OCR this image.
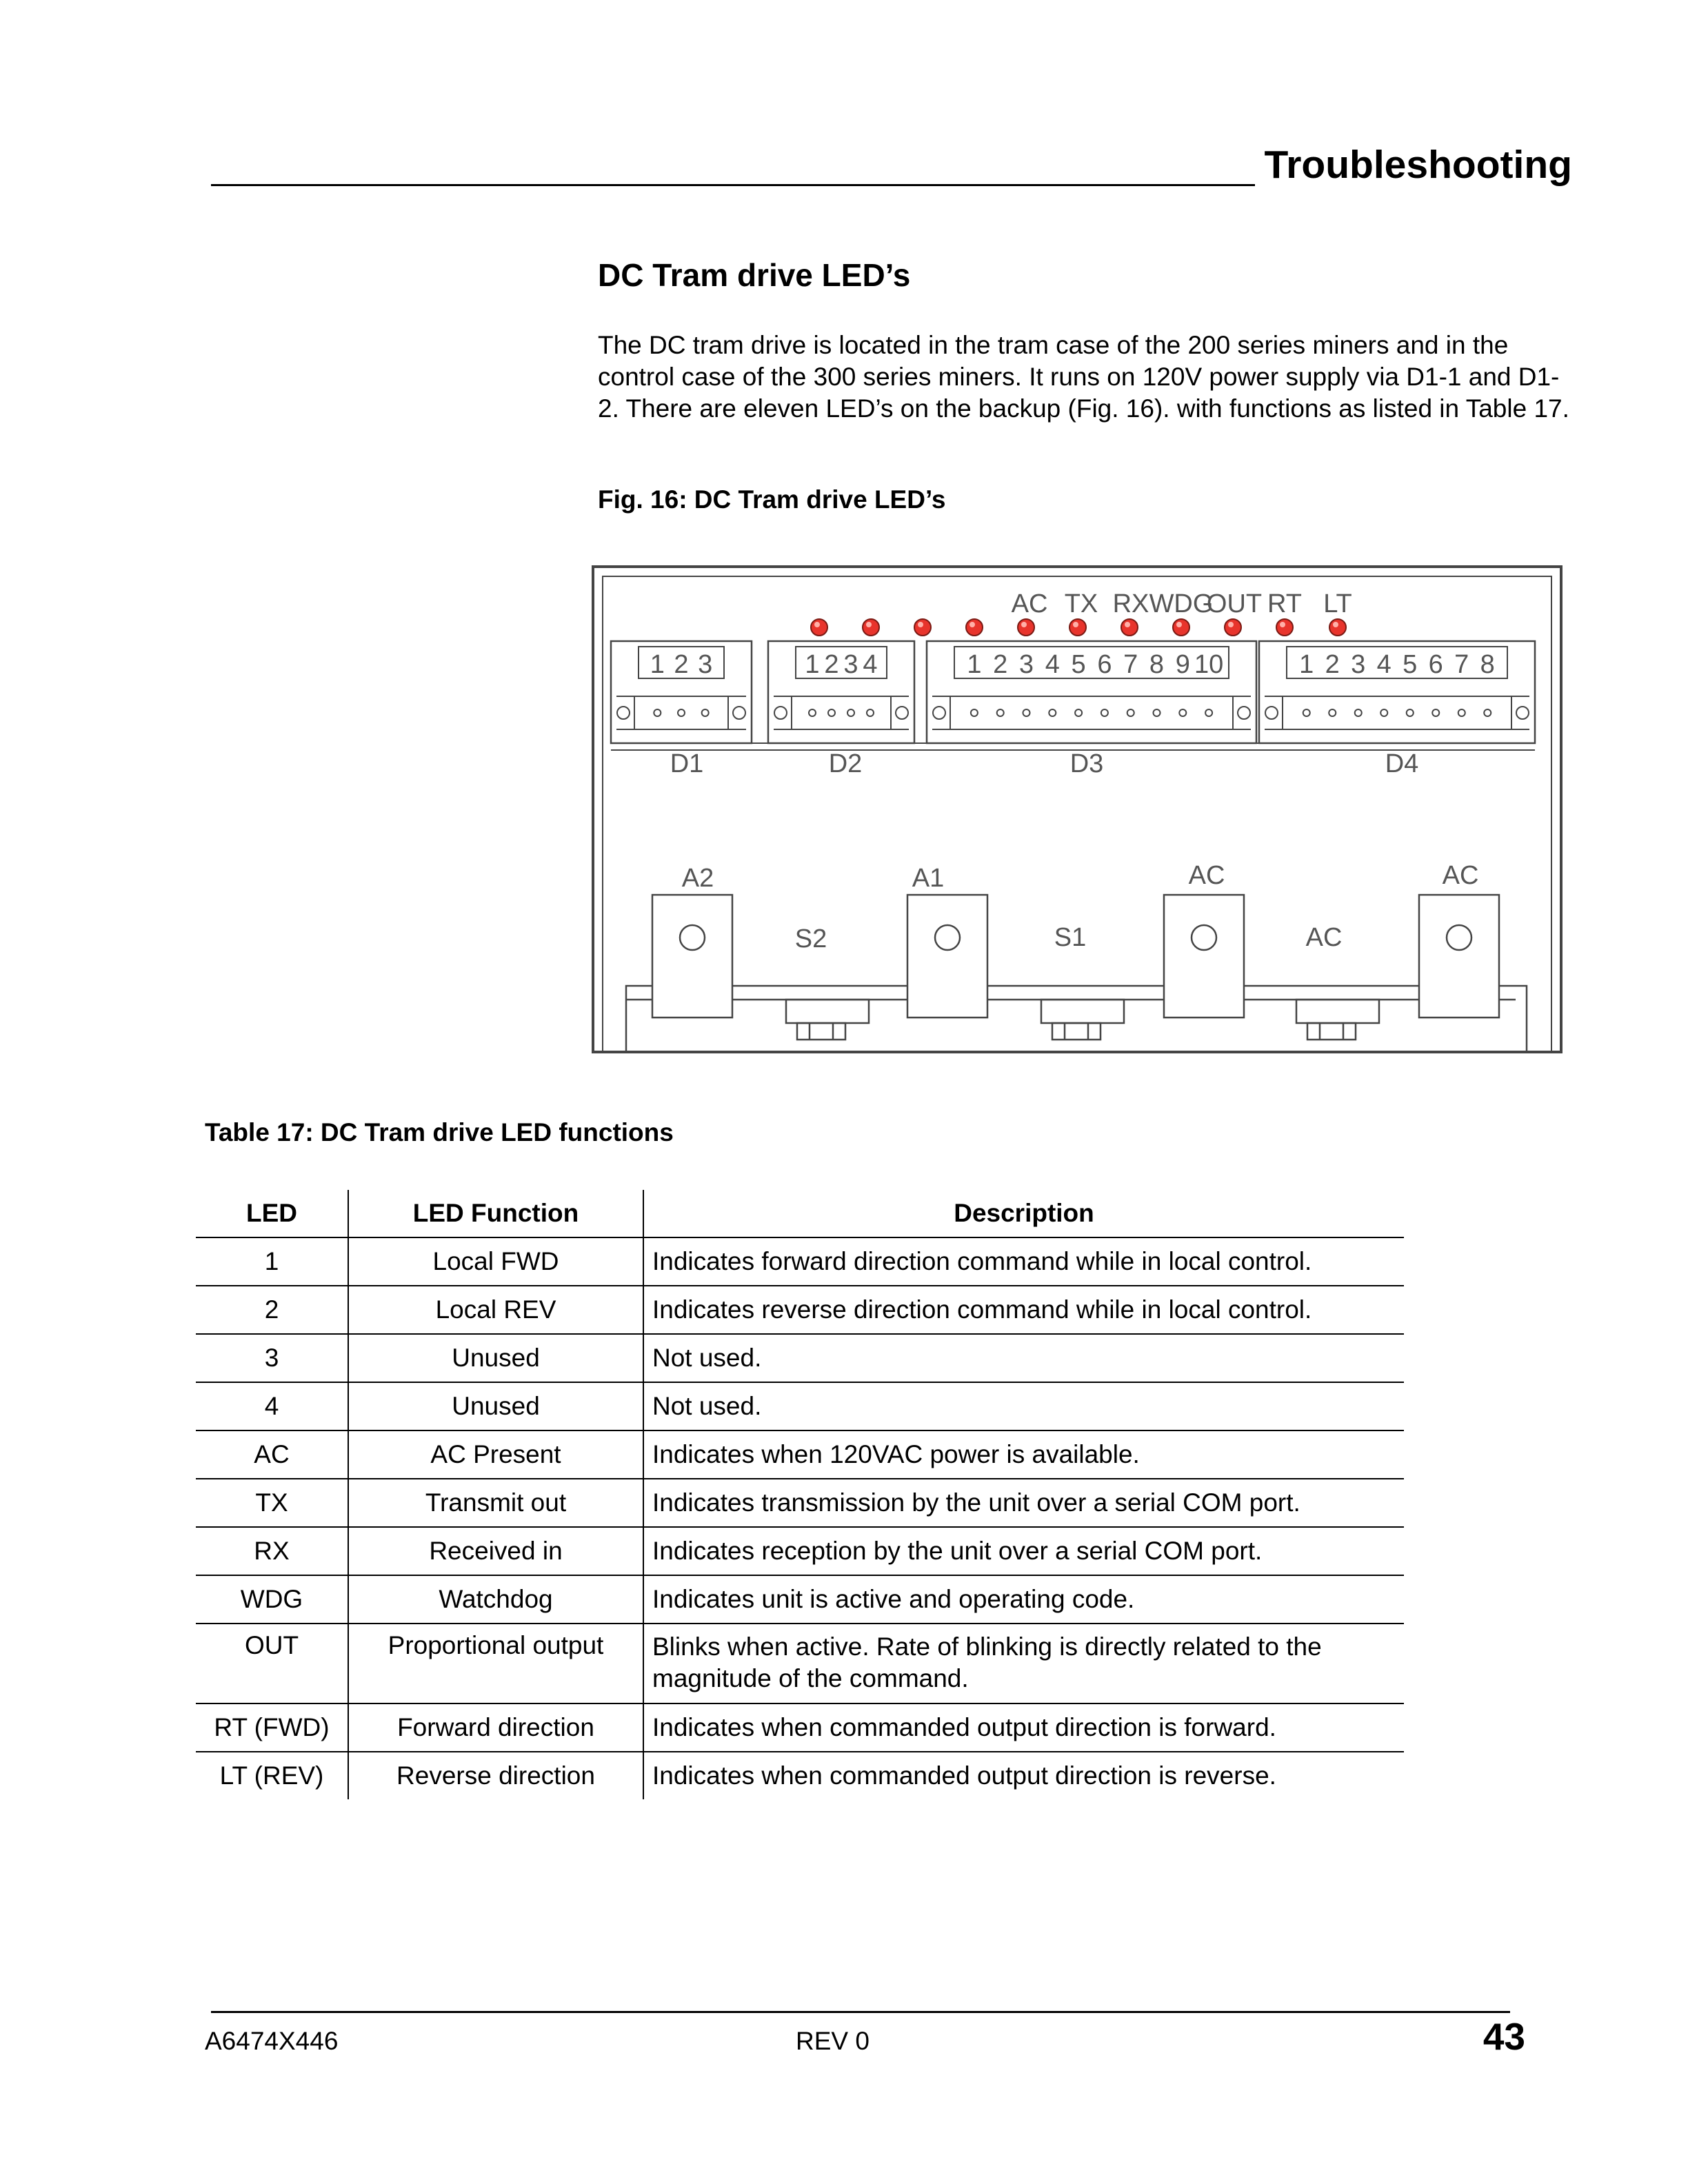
Troubleshooting
DC Tram drive LED’s
The DC tram drive is located in the tram case of the 200 series miners and in the control case of the 300 series miners. It runs on 120V power supply via D1-1 and D1-2. There are eleven LED’s on the backup (Fig. 16). with functions as listed in Table 17.
Fig. 16: DC Tram drive LED’s
AC TX RX WDG
OUT RT LT
1 2 3	1 2 3 4	1 2 3 4 5 6 7 8 9 10	1 2 3 4 5 6 7 8
D1	D2	D3	D4
A2
S2
A1
S1
AC
AC
AC
Table 17: DC Tram drive LED functions
LED	LED Function	Description
1	Local FWD	Indicates forward direction command while in local control.
2	Local REV	Indicates reverse direction command while in local control.
3	Unused	Not used.
4	Unused	Not used.
AC	AC Present	Indicates when 120VAC power is available.
TX	Transmit out	Indicates transmission by the unit over a serial COM port.
RX	Received in	Indicates reception by the unit over a serial COM port.
WDG	Watchdog	Indicates unit is active and operating code.
OUT	Proportional output	Blinks when active. Rate of blinking is directly related to the magnitude of the command.
RT (FWD)	Forward direction	Indicates when commanded output direction is forward.
LT (REV)	Reverse direction	Indicates when commanded output direction is reverse.
A6474X446	REV 0	43
